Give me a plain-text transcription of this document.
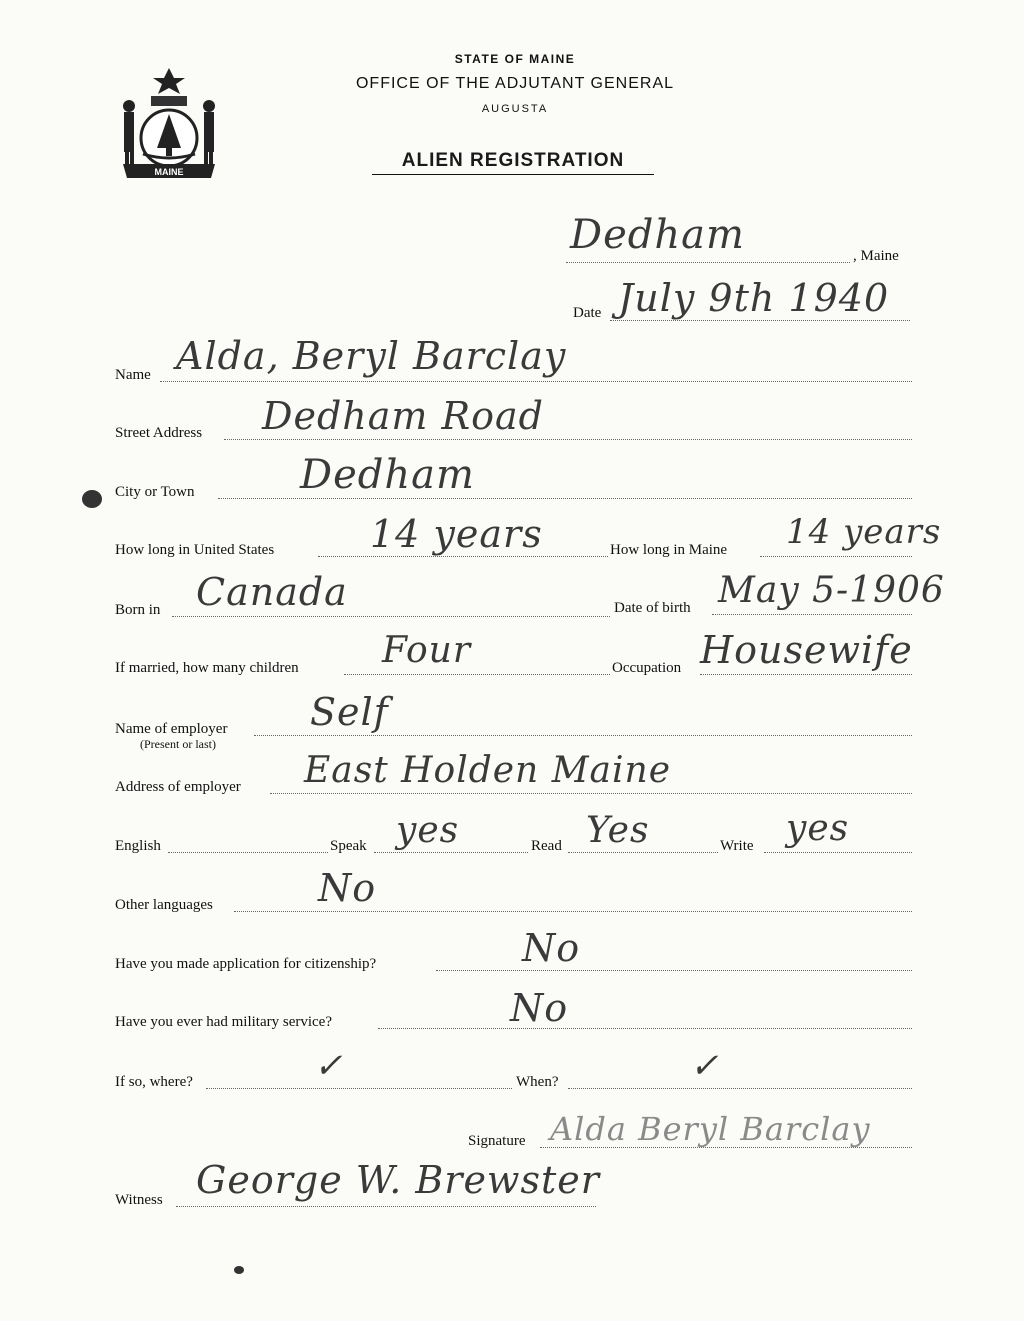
MAINE
STATE OF MAINE
OFFICE OF THE ADJUTANT GENERAL
AUGUSTA
ALIEN REGISTRATION
Dedham	, Maine
Date July 9th 1940
Name Alda, Beryl Barclay
Street Address Dedham Road
City or Town	Dedham
How long in United States	14 years	How long in Maine 14 years
Born in Canada	Date of birth May 5-1906
If married, how many children Four	Occupation Housewife
Name of employer
(Present or last)
Self
Address of employer East Holden Maine
English	Speak yes	Read Yes	Write yes
Other languages	No
Have you made application for citizenship?	No
Have you ever had military service?	No
If so, where?	✓	When?	✓
Signature Alda Beryl Barclay
Witness George W. Brewster
